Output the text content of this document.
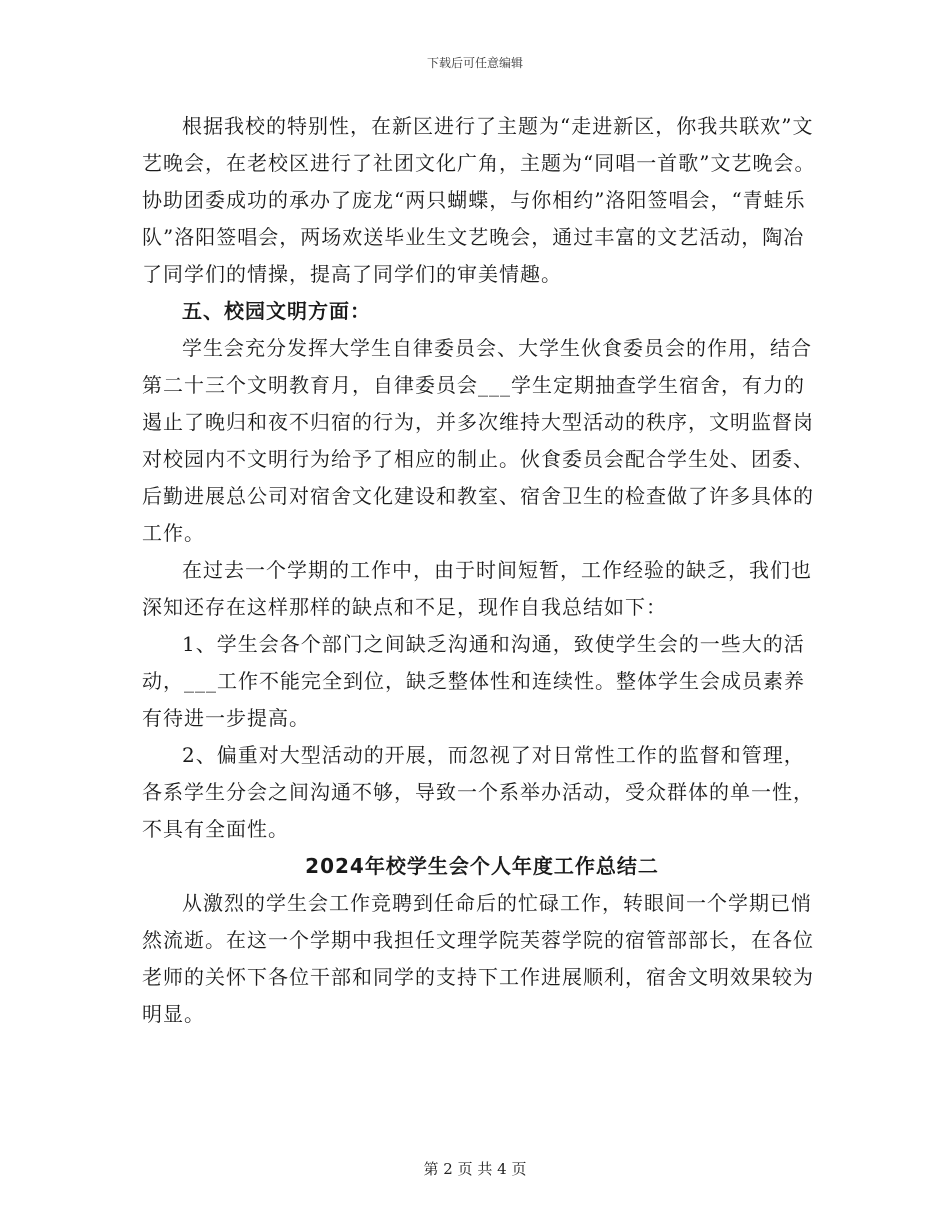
下载后可任意编辑

根据我校的特别性，在新区进行了主题为“走进新区，你我共联欢”文艺晚会，在老校区进行了社团文化广角，主题为“同唱一首歌”文艺晚会。协助团委成功的承办了庞龙“两只蝴蝶，与你相约”洛阳签唱会，“青蛙乐队”洛阳签唱会，两场欢送毕业生文艺晚会，通过丰富的文艺活动，陶冶了同学们的情操，提高了同学们的审美情趣。

五、校园文明方面：

学生会充分发挥大学生自律委员会、大学生伙食委员会的作用，结合第二十三个文明教育月，自律委员会___学生定期抽查学生宿舍，有力的遏止了晚归和夜不归宿的行为，并多次维持大型活动的秩序，文明监督岗对校园内不文明行为给予了相应的制止。伙食委员会配合学生处、团委、后勤进展总公司对宿舍文化建设和教室、宿舍卫生的检查做了许多具体的工作。

在过去一个学期的工作中，由于时间短暂，工作经验的缺乏，我们也深知还存在这样那样的缺点和不足，现作自我总结如下：

1、学生会各个部门之间缺乏沟通和沟通，致使学生会的一些大的活动，___工作不能完全到位，缺乏整体性和连续性。整体学生会成员素养有待进一步提高。

2、偏重对大型活动的开展，而忽视了对日常性工作的监督和管理，各系学生分会之间沟通不够，导致一个系举办活动，受众群体的单一性，不具有全面性。

2024年校学生会个人年度工作总结二

从激烈的学生会工作竞聘到任命后的忙碌工作，转眼间一个学期已悄然流逝。在这一个学期中我担任文理学院芙蓉学院的宿管部部长，在各位老师的关怀下各位干部和同学的支持下工作进展顺利，宿舍文明效果较为明显。

第 2 页 共 4 页
